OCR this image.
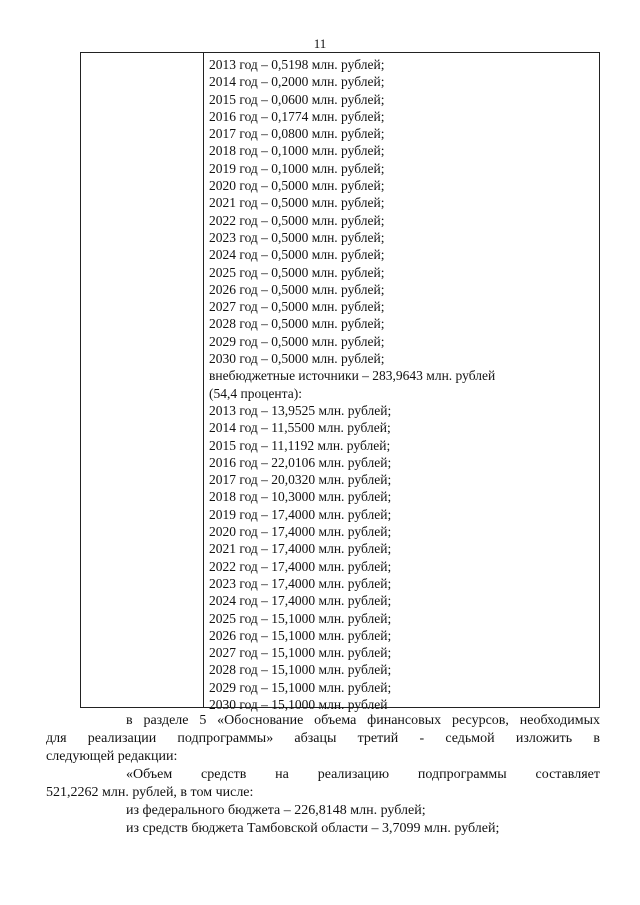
11
2013 год – 0,5198 млн. рублей;
2014 год – 0,2000 млн. рублей;
2015 год – 0,0600 млн. рублей;
2016 год – 0,1774 млн. рублей;
2017 год – 0,0800 млн. рублей;
2018 год – 0,1000 млн. рублей;
2019 год – 0,1000 млн. рублей;
2020 год – 0,5000 млн. рублей;
2021 год – 0,5000 млн. рублей;
2022 год – 0,5000 млн. рублей;
2023 год – 0,5000 млн. рублей;
2024 год – 0,5000 млн. рублей;
2025 год – 0,5000 млн. рублей;
2026 год – 0,5000 млн. рублей;
2027 год – 0,5000 млн. рублей;
2028 год – 0,5000 млн. рублей;
2029 год – 0,5000 млн. рублей;
2030 год – 0,5000 млн. рублей;
внебюджетные источники – 283,9643 млн. рублей
(54,4 процента):
2013 год – 13,9525 млн. рублей;
2014 год – 11,5500 млн. рублей;
2015 год – 11,1192 млн. рублей;
2016 год – 22,0106 млн. рублей;
2017 год – 20,0320 млн. рублей;
2018 год – 10,3000 млн. рублей;
2019 год – 17,4000 млн. рублей;
2020 год – 17,4000 млн. рублей;
2021 год – 17,4000 млн. рублей;
2022 год – 17,4000 млн. рублей;
2023 год – 17,4000 млн. рублей;
2024 год – 17,4000 млн. рублей;
2025 год – 15,1000 млн. рублей;
2026 год – 15,1000 млн. рублей;
2027 год – 15,1000 млн. рублей;
2028 год – 15,1000 млн. рублей;
2029 год – 15,1000 млн. рублей;
2030 год – 15,1000 млн. рублей

в разделе 5 «Обоснование объема финансовых ресурсов, необходимых

для реализации подпрограммы» абзацы третий - седьмой изложить в

следующей редакции:

«Объем средств на реализацию подпрограммы составляет

521,2262 млн. рублей, в том числе:

из федерального бюджета – 226,8148 млн. рублей;

из средств бюджета Тамбовской области – 3,7099 млн. рублей;
